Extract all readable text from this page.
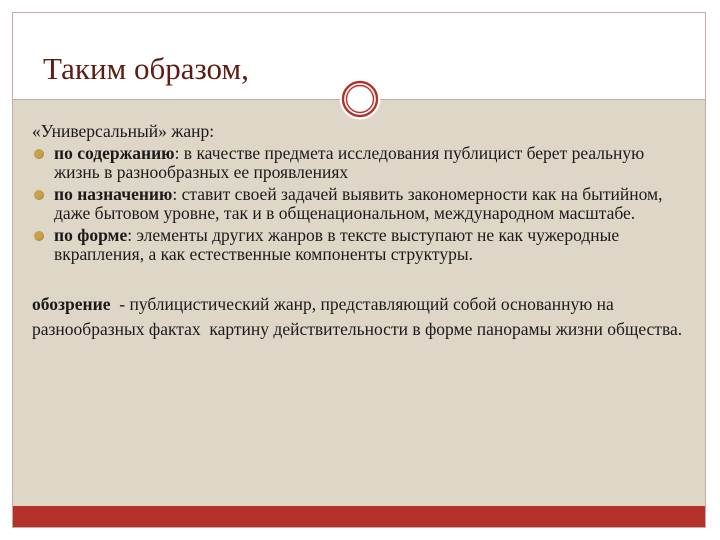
Таким образом,

«Универсальный» жанр:

по содержанию: в качестве предмета исследования публицист берет реальную жизнь в разнообразных ее проявлениях
по назначению: ставит своей задачей выявить закономерности как на бытийном, даже бытовом уровне, так и в общенациональном, международном масштабе.
по форме: элементы других жанров в тексте выступают не как чужеродные вкрапления, а как естественные компоненты структуры.

обозрение  - публицистический жанр, представляющий собой основанную на разнообразных фактах  картину действительности в форме панорамы жизни общества.
